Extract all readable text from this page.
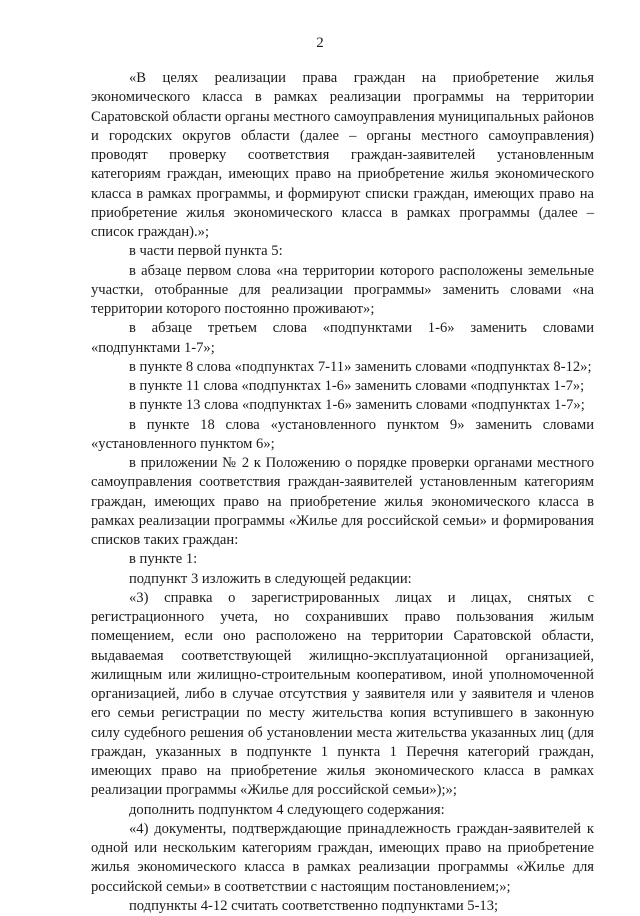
2

«В целях реализации права граждан на приобретение жилья экономического класса в рамках реализации программы на территории Саратовской области органы местного самоуправления муниципальных районов и городских округов области (далее – органы местного самоуправления) проводят проверку соответствия граждан-заявителей установленным категориям граждан, имеющих право на приобретение жилья экономического класса в рамках программы, и формируют списки граждан, имеющих право на приобретение жилья экономического класса в рамках программы (далее – список граждан).»;

в части первой пункта 5:

в абзаце первом слова «на территории которого расположены земельные участки, отобранные для реализации программы» заменить словами «на территории которого постоянно проживают»;

в абзаце третьем слова «подпунктами 1-6» заменить словами «подпунктами 1-7»;

в пункте 8 слова «подпунктах 7-11» заменить словами «подпунктах 8-12»;

в пункте 11 слова «подпунктах 1-6» заменить словами «подпунктах 1-7»;

в пункте 13 слова «подпунктах 1-6» заменить словами «подпунктах 1-7»;

в пункте 18 слова «установленного пунктом 9» заменить словами «установленного пунктом 6»;

в приложении № 2 к Положению о порядке проверки органами местного самоуправления соответствия граждан-заявителей установленным категориям граждан, имеющих право на приобретение жилья экономического класса в рамках реализации программы «Жилье для российской семьи» и формирования списков таких граждан:

в пункте 1:

подпункт 3 изложить в следующей редакции:

«3) справка о зарегистрированных лицах и лицах, снятых с регистрационного учета, но сохранивших право пользования жилым помещением, если оно расположено на территории Саратовской области, выдаваемая соответствующей жилищно-эксплуатационной организацией, жилищным или жилищно-строительным кооперативом, иной уполномоченной организацией, либо в случае отсутствия у заявителя или у заявителя и членов его семьи регистрации по месту жительства копия вступившего в законную силу судебного решения об установлении места жительства указанных лиц (для граждан, указанных в подпункте 1 пункта 1 Перечня категорий граждан, имеющих право на приобретение жилья экономического класса в рамках реализации программы «Жилье для российской семьи»);»;

дополнить подпунктом 4 следующего содержания:

«4) документы, подтверждающие принадлежность граждан-заявителей к одной или нескольким категориям граждан, имеющих право на приобретение жилья экономического класса в рамках реализации программы «Жилье для российской семьи» в соответствии с настоящим постановлением;»;

подпункты 4-12 считать соответственно подпунктами 5-13;
